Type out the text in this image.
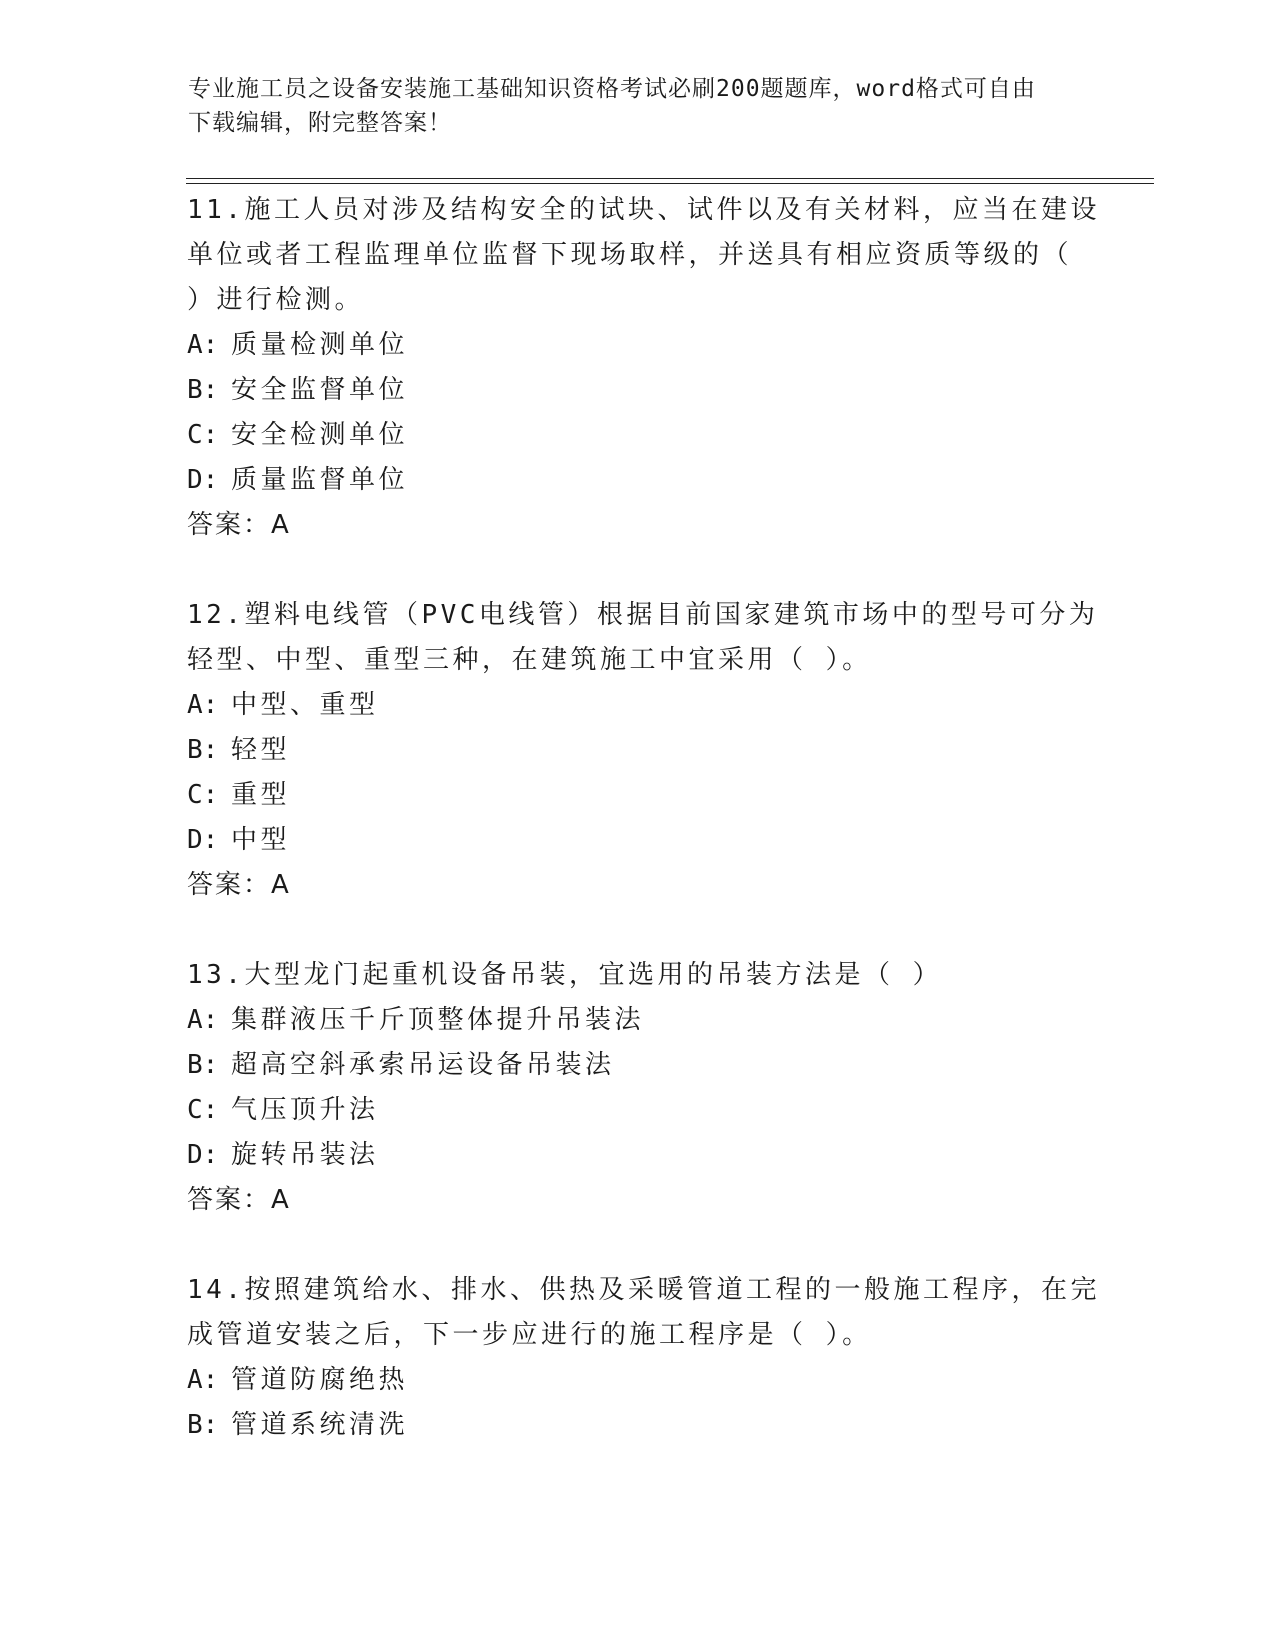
专业施工员之设备安装施工基础知识资格考试必刷200题题库，word格式可自由
下载编辑，附完整答案！
11.施工人员对涉及结构安全的试块、试件以及有关材料，应当在建设
单位或者工程监理单位监督下现场取样，并送具有相应资质等级的（
）进行检测。
A: 质量检测单位
B: 安全监督单位
C: 安全检测单位
D: 质量监督单位
答案：A
12.塑料电线管（PVC电线管）根据目前国家建筑市场中的型号可分为
轻型、中型、重型三种，在建筑施工中宜采用（ ）。
A: 中型、重型
B: 轻型
C: 重型
D: 中型
答案：A
13.大型龙门起重机设备吊装，宜选用的吊装方法是（ ）
A: 集群液压千斤顶整体提升吊装法
B: 超高空斜承索吊运设备吊装法
C: 气压顶升法
D: 旋转吊装法
答案：A
14.按照建筑给水、排水、供热及采暖管道工程的一般施工程序，在完
成管道安装之后，下一步应进行的施工程序是（ ）。
A: 管道防腐绝热
B: 管道系统清洗
